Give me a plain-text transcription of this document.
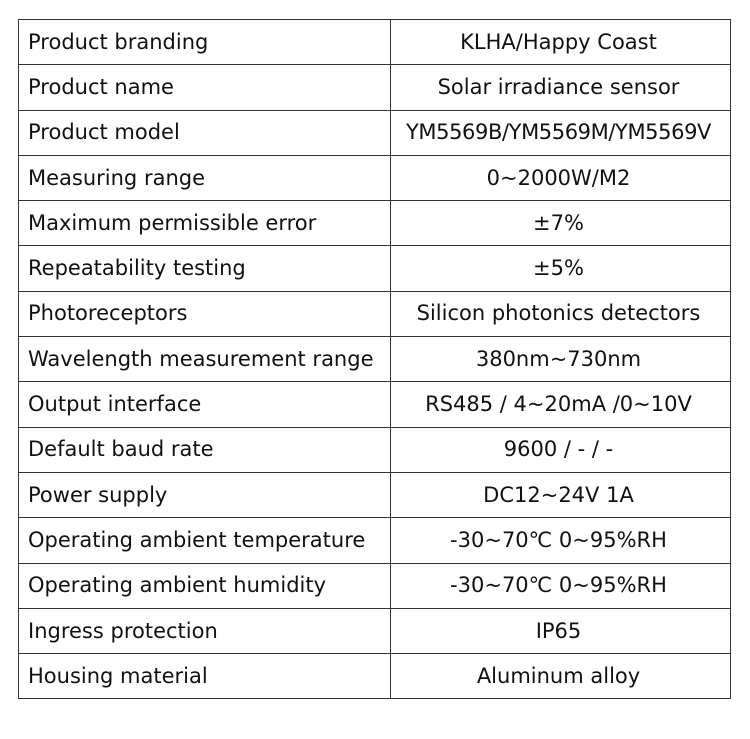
Product branding	KLHA/Happy Coast
Product name	Solar irradiance sensor
Product model	YM5569B/YM5569M/YM5569V
Measuring range	0~2000W/M2
Maximum permissible error	±7%
Repeatability testing	±5%
Photoreceptors	Silicon photonics detectors
Wavelength measurement range	380nm~730nm
Output interface	RS485 / 4~20mA /0~10V
Default baud rate	9600 / - / -
Power supply	DC12~24V 1A
Operating ambient temperature	-30~70℃ 0~95%RH
Operating ambient humidity	-30~70℃ 0~95%RH
Ingress protection	IP65
Housing material	Aluminum alloy
